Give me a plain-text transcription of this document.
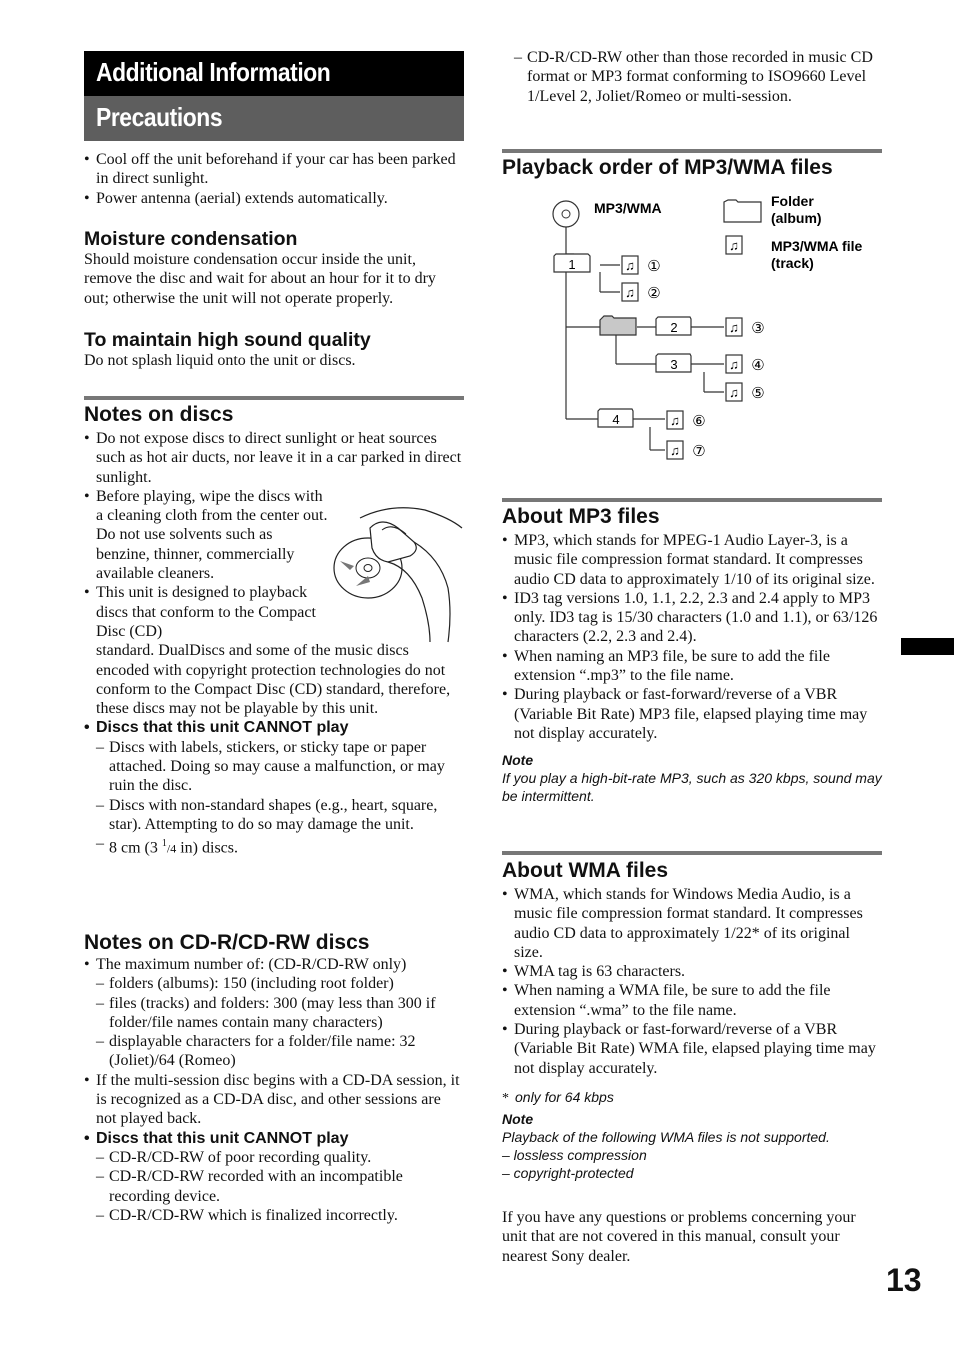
Additional Information
Precautions

• Cool off the unit beforehand if your car has been parked in direct sunlight.

• Power antenna (aerial) extends automatically.

Moisture condensation

Should moisture condensation occur inside the unit, remove the disc and wait for about an hour for it to dry out; otherwise the unit will not operate properly.

To maintain high sound quality

Do not splash liquid onto the unit or discs.

Notes on discs

• Do not expose discs to direct sunlight or heat sources such as hot air ducts, nor leave it in a car parked in direct sunlight.

• Before playing, wipe the discs with a cleaning cloth from the center out. Do not use solvents such as benzine, thinner, commercially available cleaners.

• This unit is designed to playback discs that conform to the Compact Disc (CD)

standard. DualDiscs and some of the music discs encoded with copyright protection technologies do not conform to the Compact Disc (CD) standard, therefore, these discs may not be playable by this unit.

• Discs that this unit CANNOT play

– Discs with labels, stickers, or sticky tape or paper attached. Doing so may cause a malfunction, or may ruin the disc.

– Discs with non-standard shapes (e.g., heart, square, star). Attempting to do so may damage the unit.

– 8 cm (3 $^1$/4 in) discs.

Notes on CD-R/CD-RW discs

• The maximum number of: (CD-R/CD-RW only)

– folders (albums): 150 (including root folder)

– files (tracks) and folders: 300 (may less than 300 if folder/file names contain many characters)

– displayable characters for a folder/file name: 32 (Joliet)/64 (Romeo)

• If the multi-session disc begins with a CD-DA session, it is recognized as a CD-DA disc, and other sessions are not played back.

• Discs that this unit CANNOT play

– CD-R/CD-RW of poor recording quality.

– CD-R/CD-RW recorded with an incompatible recording device.

– CD-R/CD-RW which is finalized incorrectly.

– CD-R/CD-RW other than those recorded in music CD format or MP3 format conforming to ISO9660 Level 1/Level 2, Joliet/Romeo or multi-session.

Playback order of MP3/WMA files
MP3/WMA	Folder
(album)
♫ MP3/WMA file
(track)
1
2
3
4
♫ ①
♫ ②
♫ ③
♫ ④
♫ ⑤
♫ ⑥
♫ ⑦
About MP3 files

• MP3, which stands for MPEG-1 Audio Layer-3, is a music file compression format standard. It compresses audio CD data to approximately 1/10 of its original size.

• ID3 tag versions 1.0, 1.1, 2.2, 2.3 and 2.4 apply to MP3 only. ID3 tag is 15/30 characters (1.0 and 1.1), or 63/126 characters (2.2, 2.3 and 2.4).

• When naming an MP3 file, be sure to add the file extension “.mp3” to the file name.

• During playback or fast-forward/reverse of a VBR (Variable Bit Rate) MP3 file, elapsed playing time may not display accurately.

Note
If you play a high-bit-rate MP3, such as 320 kbps, sound may be intermittent.
About WMA files

• WMA, which stands for Windows Media Audio, is a music file compression format standard. It compresses audio CD data to approximately 1/22* of its original size.

• WMA tag is 63 characters.

• When naming a WMA file, be sure to add the file extension “.wma” to the file name.

• During playback or fast-forward/reverse of a VBR (Variable Bit Rate) WMA file, elapsed playing time may not display accurately.

* only for 64 kbps
Note
Playback of the following WMA files is not supported.
– lossless compression
– copyright-protected
If you have any questions or problems concerning your unit that are not covered in this manual, consult your nearest Sony dealer.
13
